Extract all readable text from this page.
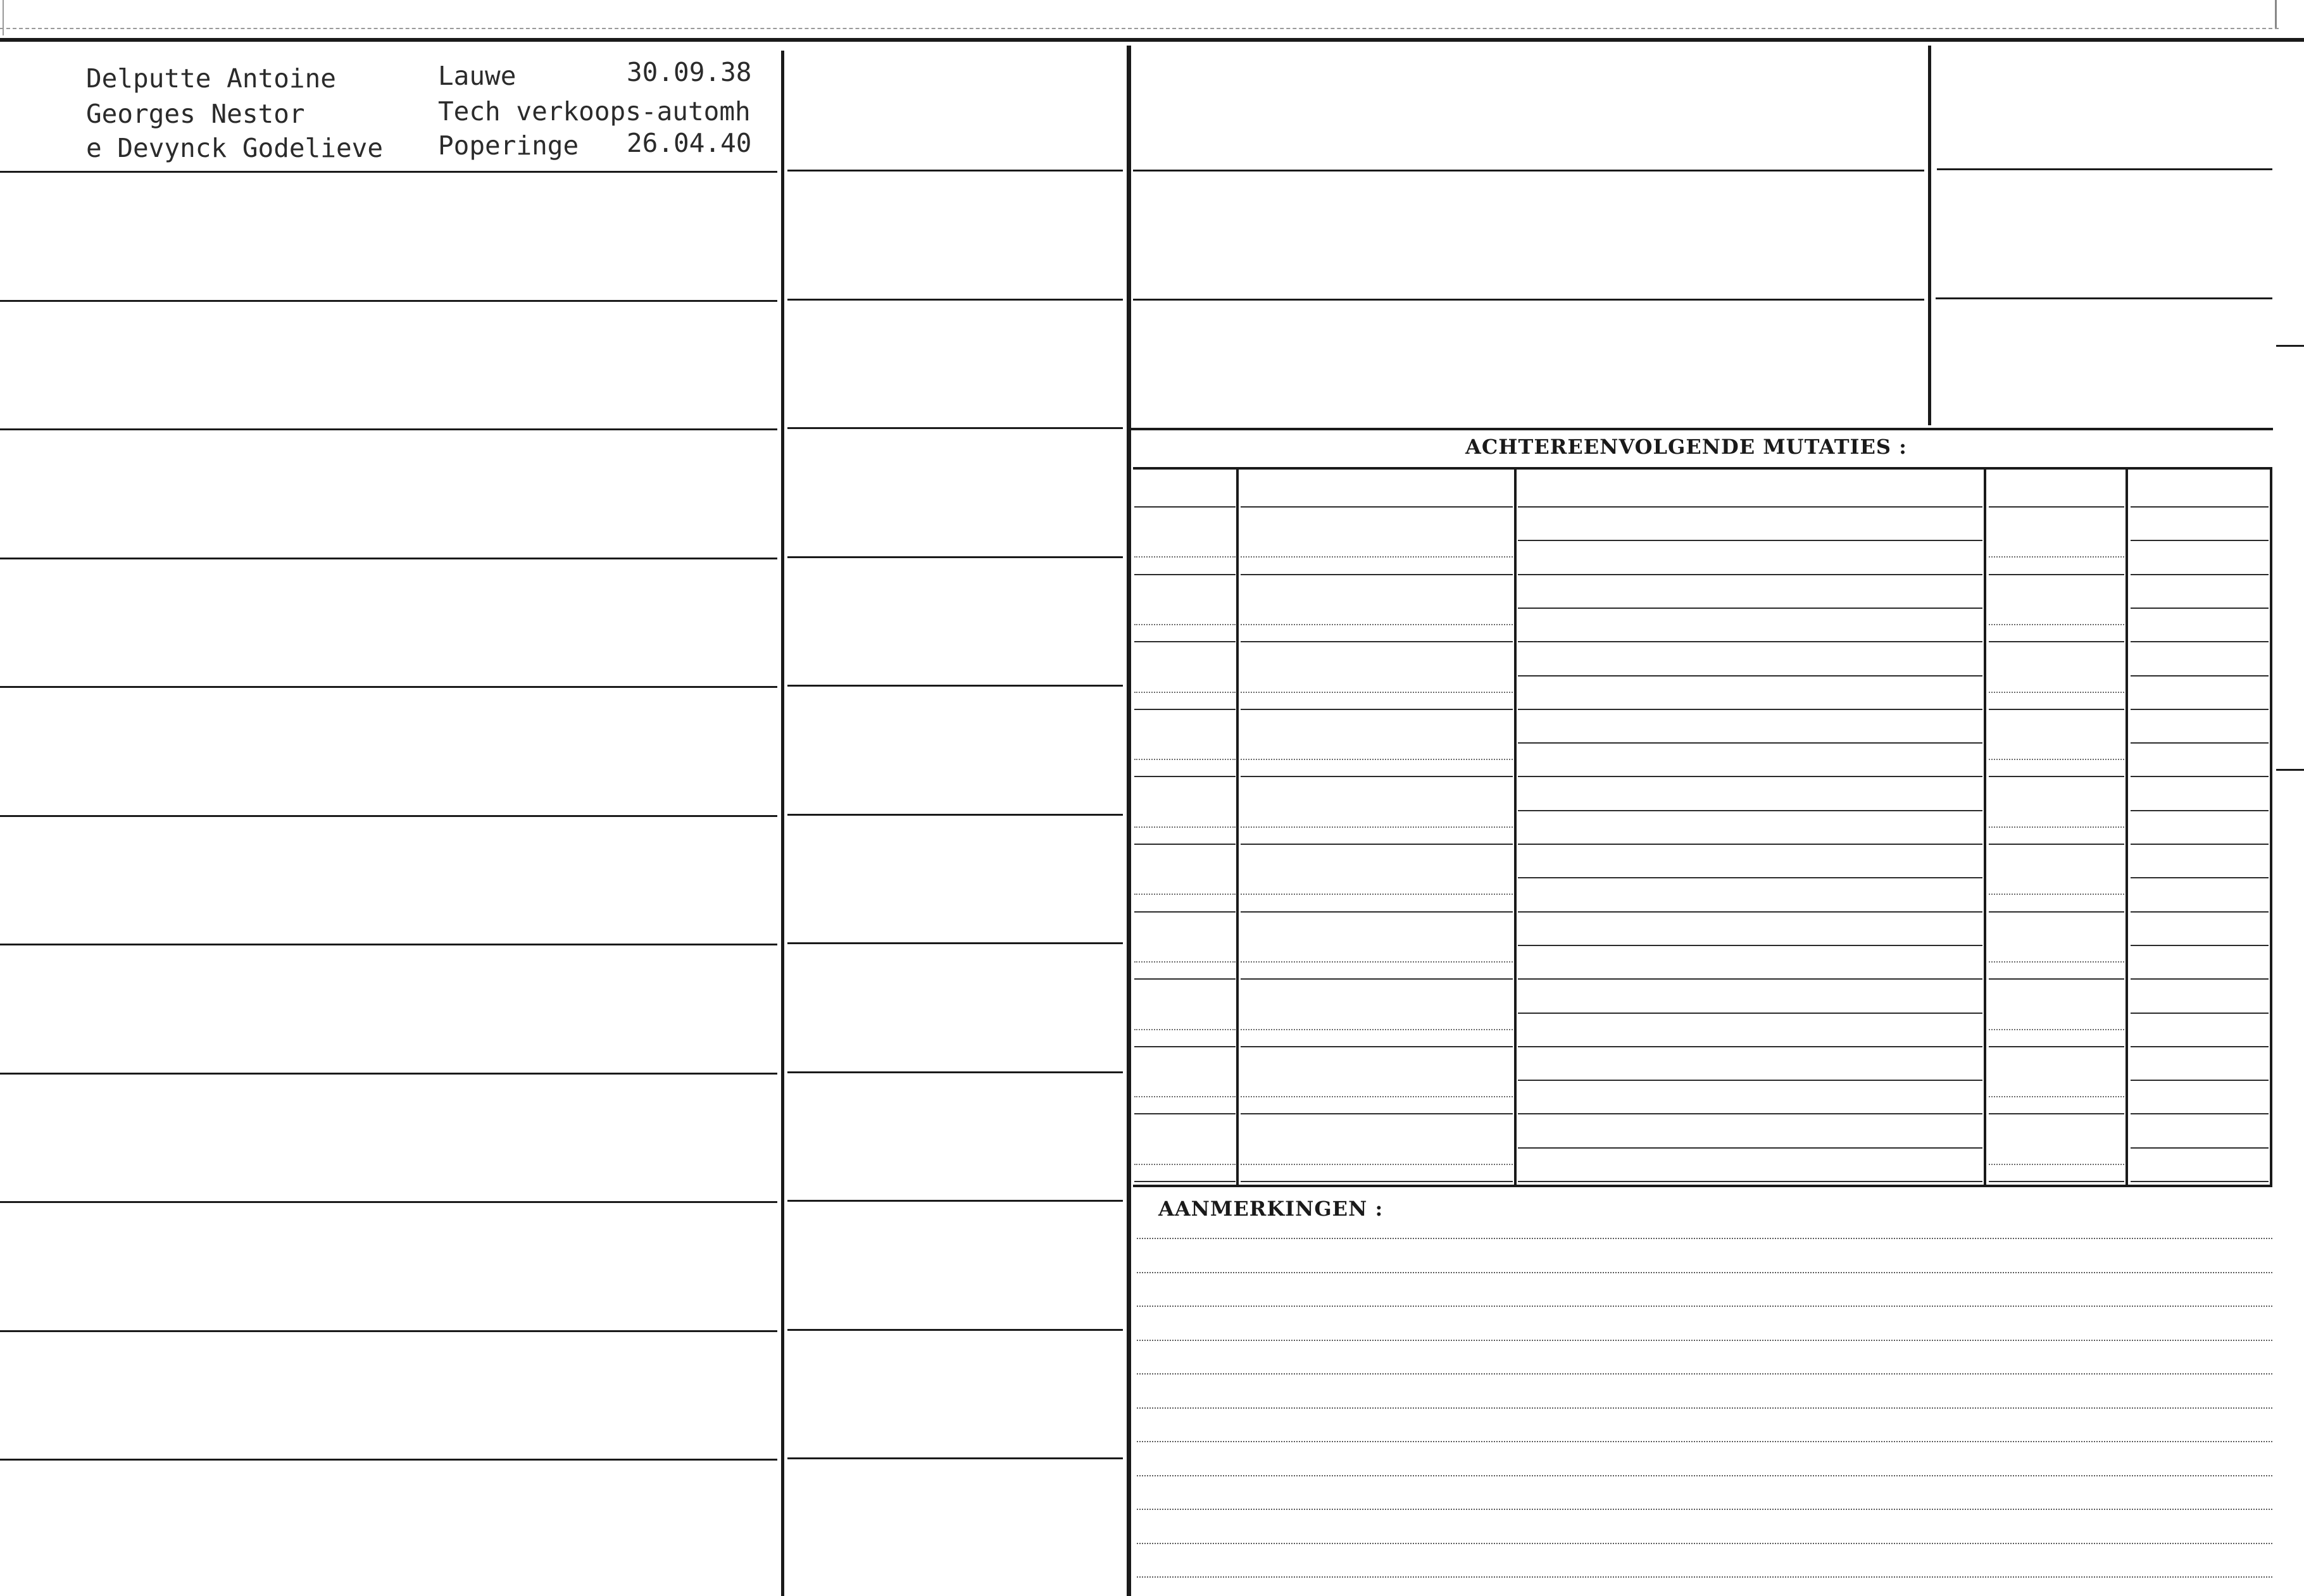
ACHTEREENVOLGENDE MUTATIES :
AANMERKINGEN :
Delputte Antoine
Georges Nestor
e Devynck Godelieve
Lauwe	30.09.38
Tech verkoops-automh
Poperinge 26.04.40
